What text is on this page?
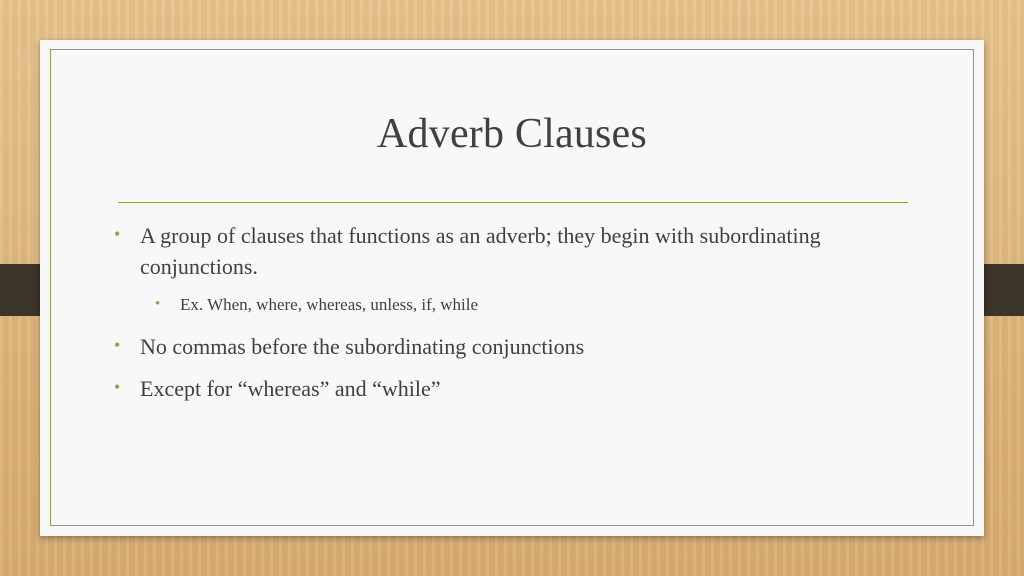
Adverb Clauses
• A group of clauses that functions as an adverb; they begin with subordinating conjunctions.
• Ex. When, where, whereas, unless, if, while
• No commas before the subordinating conjunctions
• Except for “whereas” and “while”
